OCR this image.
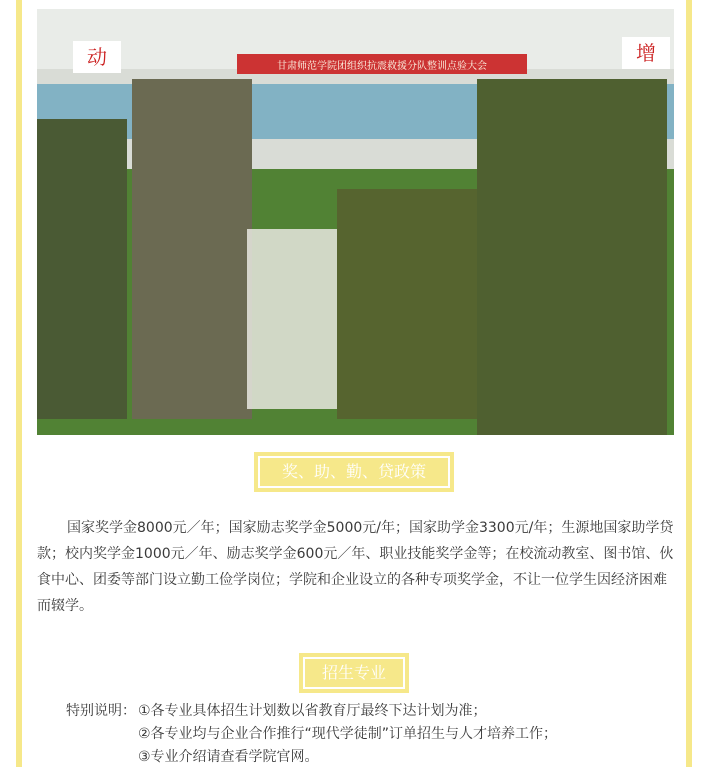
甘肃师范学院团组织抗震救援分队整训点验大会
动	增
奖、助、勤、贷政策

国家奖学金8000元／年；国家励志奖学金5000元/年；国家助学金3300元/年；生源地国家助学贷款；校内奖学金1000元／年、励志奖学金600元／年、职业技能奖学金等；在校流动教室、图书馆、伙食中心、团委等部门设立勤工俭学岗位；学院和企业设立的各种专项奖学金，不让一位学生因经济困难而辍学。

招生专业
特别说明： ①各专业具体招生计划数以省教育厅最终下达计划为准；
②各专业均与企业合作推行“现代学徒制”订单招生与人才培养工作；
③专业介绍请查看学院官网。
